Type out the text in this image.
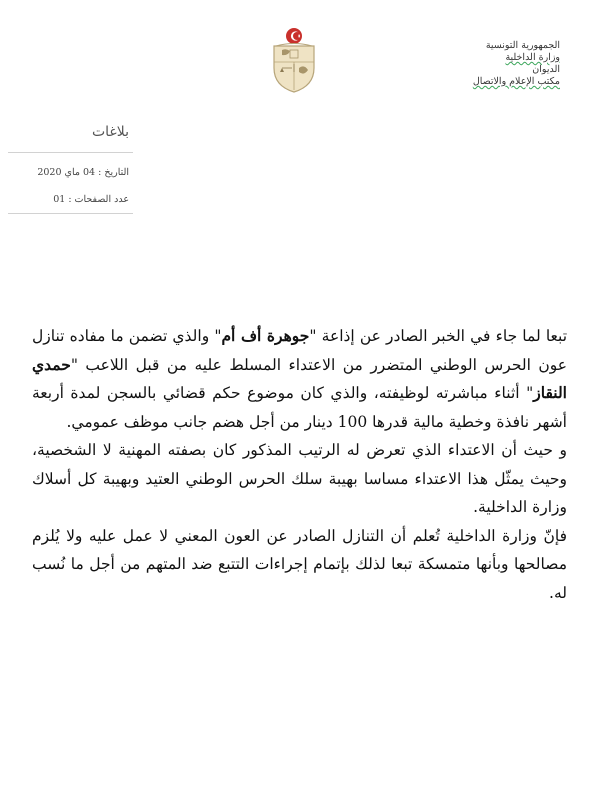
الجمهورية التونسية
وزارة الداخلية
الديوان
مكتب الإعلام والاتصال
بلاغات
التاريخ : 04 ماي 2020
عدد الصفحات : 01

تبعا لما جاء في الخبر الصادر عن إذاعة "جوهرة أف أم" والذي تضمن ما مفاده تنازل عون الحرس الوطني المتضرر من الاعتداء المسلط عليه من قبل اللاعب "حمدي النقاز" أثناء مباشرته لوظيفته، والذي كان موضوع حكم قضائي بالسجن لمدة أربعة أشهر نافذة وخطية مالية قدرها 100 دينار من أجل هضم جانب موظف عمومي.

و حيث أن الاعتداء الذي تعرض له الرتيب المذكور كان بصفته المهنية لا الشخصية، وحيث يمثّل هذا الاعتداء مساسا بهيبة سلك الحرس الوطني العتيد وبهيبة كل أسلاك وزارة الداخلية.

فإنّ وزارة الداخلية تُعلم أن التنازل الصادر عن العون المعني لا عمل عليه ولا يُلزم مصالحها وبأنها متمسكة تبعا لذلك بإتمام إجراءات التتبع ضد المتهم من أجل ما نُسب له.
